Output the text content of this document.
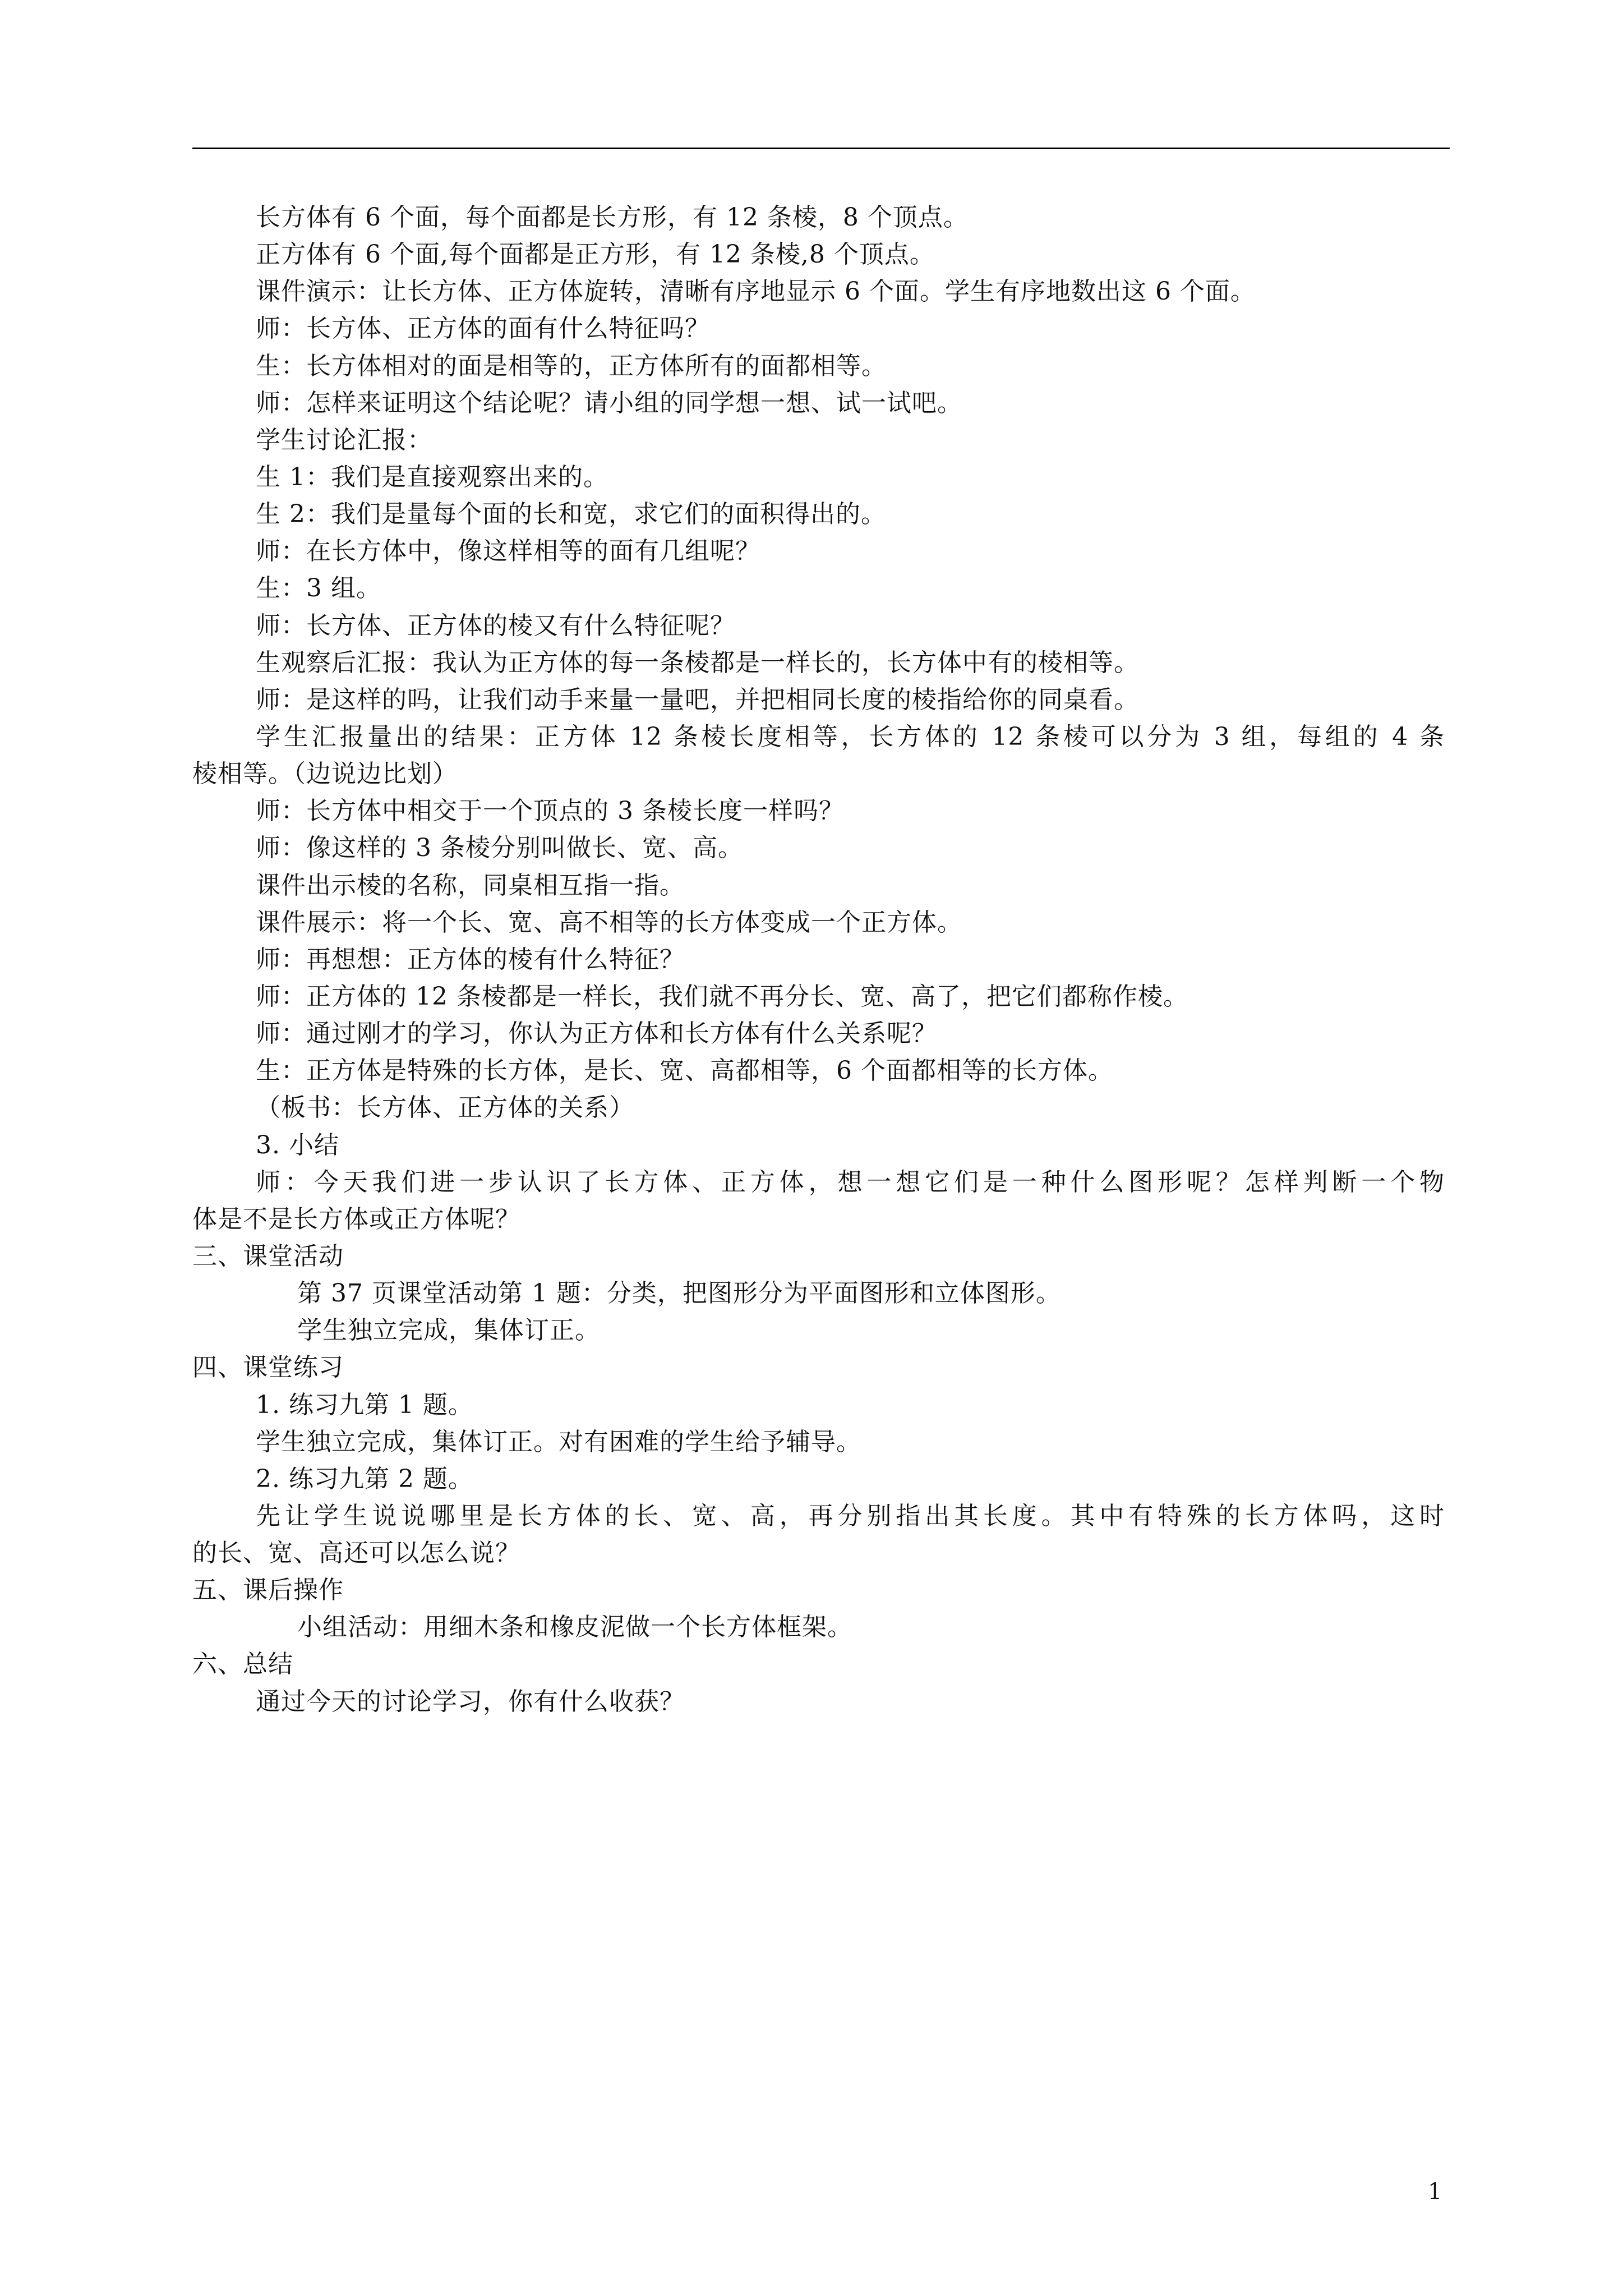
长方体有 6 个面，每个面都是长方形，有 12 条棱，8 个顶点。
正方体有 6 个面,每个面都是正方形，有 12 条棱,8 个顶点。
课件演示：让长方体、正方体旋转，清晰有序地显示 6 个面。学生有序地数出这 6 个面。
师：长方体、正方体的面有什么特征吗？
生：长方体相对的面是相等的，正方体所有的面都相等。
师：怎样来证明这个结论呢？请小组的同学想一想、试一试吧。
学生讨论汇报：
生 1：我们是直接观察出来的。
生 2：我们是量每个面的长和宽，求它们的面积得出的。
师：在长方体中，像这样相等的面有几组呢？
生：3 组。
师：长方体、正方体的棱又有什么特征呢？
生观察后汇报：我认为正方体的每一条棱都是一样长的，长方体中有的棱相等。
师：是这样的吗，让我们动手来量一量吧，并把相同长度的棱指给你的同桌看。
学生汇报量出的结果：正方体 12 条棱长度相等，长方体的 12 条棱可以分为 3 组，每组的 4 条
棱相等。（边说边比划）
师：长方体中相交于一个顶点的 3 条棱长度一样吗？
师：像这样的 3 条棱分别叫做长、宽、高。
课件出示棱的名称，同桌相互指一指。
课件展示：将一个长、宽、高不相等的长方体变成一个正方体。
师：再想想：正方体的棱有什么特征？
师：正方体的 12 条棱都是一样长，我们就不再分长、宽、高了，把它们都称作棱。
师：通过刚才的学习，你认为正方体和长方体有什么关系呢？
生：正方体是特殊的长方体，是长、宽、高都相等，6 个面都相等的长方体。
（板书：长方体、正方体的关系）
3. 小结
师：今天我们进一步认识了长方体、正方体，想一想它们是一种什么图形呢？怎样判断一个物
体是不是长方体或正方体呢？
三、课堂活动
第 37 页课堂活动第 1 题：分类，把图形分为平面图形和立体图形。
学生独立完成，集体订正。
四、课堂练习
1. 练习九第 1 题。
学生独立完成，集体订正。对有困难的学生给予辅导。
2. 练习九第 2 题。
先让学生说说哪里是长方体的长、宽、高，再分别指出其长度。其中有特殊的长方体吗，这时
的长、宽、高还可以怎么说？
五、课后操作
小组活动：用细木条和橡皮泥做一个长方体框架。
六、总结
通过今天的讨论学习，你有什么收获？
1
